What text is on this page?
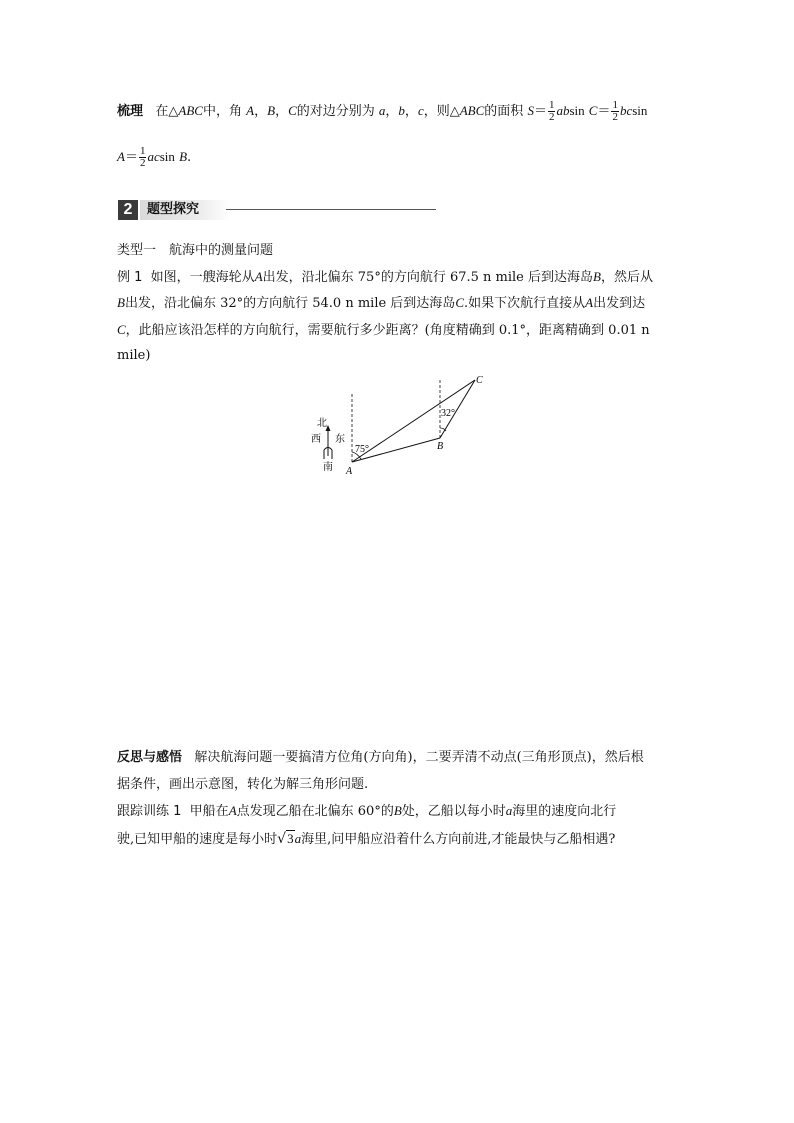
梳理 在△ABC中，角 A，B，C的对边分别为 a，b，c，则△ABC的面积 $S= \frac{1}{2}$ absin $C= \frac{1}{2}$ bcsin
$A= \frac{1}{2}$ acsin B.
2	题型探究
类型一　航海中的测量问题
例 1 如图，一艘海轮从A出发，沿北偏东 75°的方向航行 67.5 n mile 后到达海岛B，然后从
B出发，沿北偏东 32°的方向航行 54.0 n mile 后到达海岛C.如果下次航行直接从A出发到达
C，此船应该沿怎样的方向航行，需要航行多少距离？(角度精确到 0.1°，距离精确到 0.01 n
mile)
北
西 东
南
75°
32°
A
B
C
反思与感悟 解决航海问题一要搞清方位角(方向角)，二要弄清不动点(三角形顶点)，然后根
据条件，画出示意图，转化为解三角形问题.
跟踪训练 1 甲船在A点发现乙船在北偏东 60°的B处，乙船以每小时a海里的速度向北行
驶,已知甲船的速度是每小时√3a海里,问甲船应沿着什么方向前进,才能最快与乙船相遇?
